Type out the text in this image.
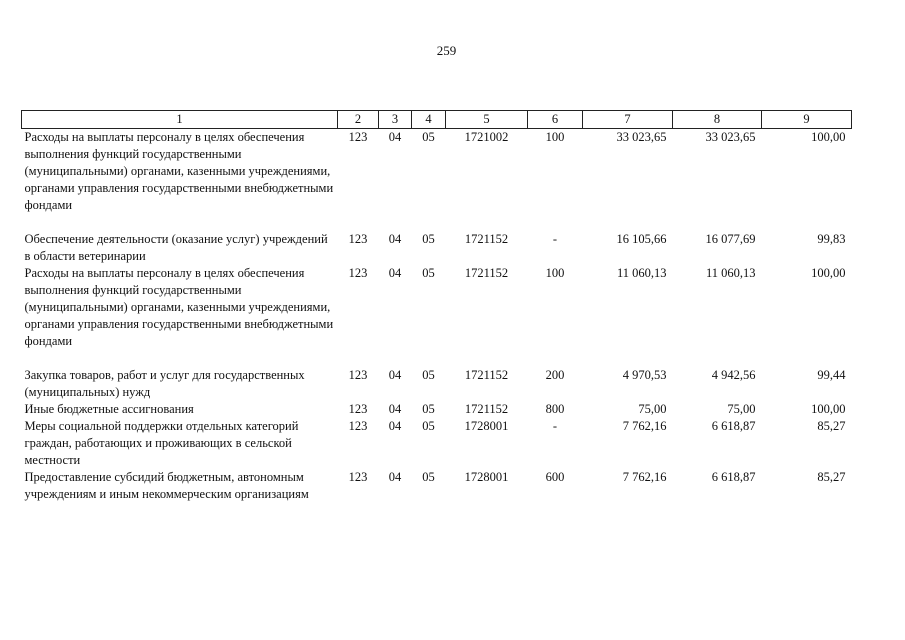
259
1	2	3	4	5	6	7	8	9
Расходы на выплаты персоналу в целях обеспечения выполнения функций государственными (муниципальными) органами, казенными учреждениями, органами управления государственными внебюджетными фондами	123	04	05	1721002	100	33 023,65	33 023,65	100,00
Обеспечение деятельности (оказание услуг) учреждений в области ветеринарии	123	04	05	1721152	-	16 105,66	16 077,69	99,83
Расходы на выплаты персоналу в целях обеспечения выполнения функций государственными (муниципальными) органами, казенными учреждениями, органами управления государственными внебюджетными фондами	123	04	05	1721152	100	11 060,13	11 060,13	100,00
Закупка товаров, работ и услуг для государственных (муниципальных) нужд	123	04	05	1721152	200	4 970,53	4 942,56	99,44
Иные бюджетные ассигнования	123	04	05	1721152	800	75,00	75,00	100,00
Меры социальной поддержки отдельных категорий граждан, работающих и проживающих в сельской местности	123	04	05	1728001	-	7 762,16	6 618,87	85,27
Предоставление субсидий бюджетным, автономным учреждениям и иным некоммерческим организациям	123	04	05	1728001	600	7 762,16	6 618,87	85,27
